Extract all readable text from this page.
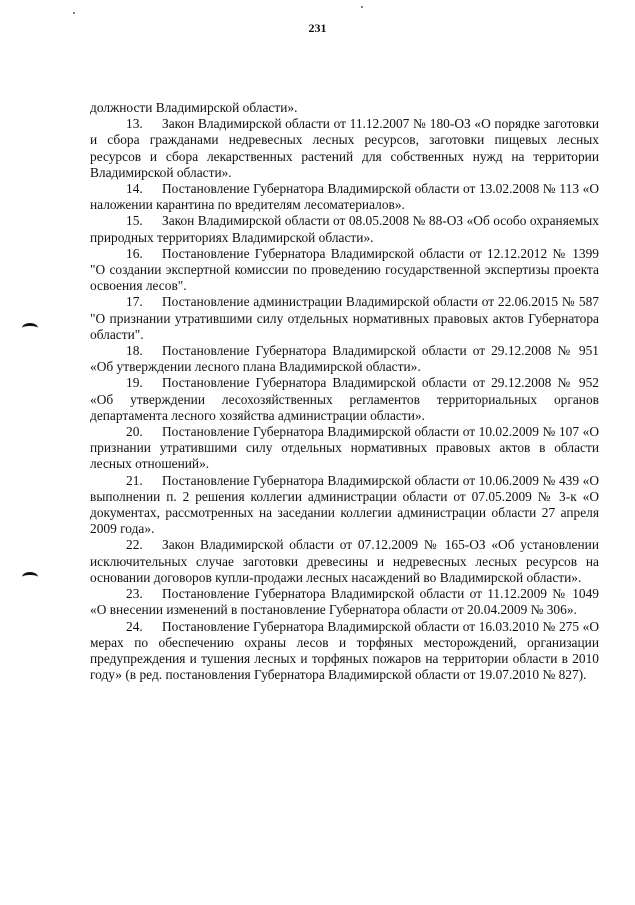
231

должности Владимирской области».

13. Закон Владимирской области от 11.12.2007 № 180-ОЗ «О порядке заготовки и сбора гражданами недревесных лесных ресурсов, заготовки пищевых лесных ресурсов и сбора лекарственных растений для собственных нужд на территории Владимирской области».

14. Постановление Губернатора Владимирской области от 13.02.2008 № 113 «О наложении карантина по вредителям лесоматериалов».

15. Закон Владимирской области от 08.05.2008 № 88-ОЗ «Об особо охраняемых природных территориях Владимирской области».

16. Постановление Губернатора Владимирской области от 12.12.2012 № 1399 "О создании экспертной комиссии по проведению государственной экспертизы проекта освоения лесов".

17. Постановление администрации Владимирской области от 22.06.2015 № 587 "О признании утратившими силу отдельных нормативных правовых актов Губернатора области".

18. Постановление Губернатора Владимирской области от 29.12.2008 № 951 «Об утверждении лесного плана Владимирской области».

19. Постановление Губернатора Владимирской области от 29.12.2008 № 952 «Об утверждении лесохозяйственных регламентов территориальных органов департамента лесного хозяйства администрации области».

20. Постановление Губернатора Владимирской области от 10.02.2009 № 107 «О признании утратившими силу отдельных нормативных правовых актов в области лесных отношений».

21. Постановление Губернатора Владимирской области от 10.06.2009 № 439 «О выполнении п. 2 решения коллегии администрации области от 07.05.2009 № 3-к «О документах, рассмотренных на заседании коллегии администрации области 27 апреля 2009 года».

22. Закон Владимирской области от 07.12.2009 № 165-ОЗ «Об установлении исключительных случае заготовки древесины и недревесных лесных ресурсов на основании договоров купли-продажи лесных насаждений во Владимирской области».

23. Постановление Губернатора Владимирской области от 11.12.2009 № 1049 «О внесении изменений в постановление Губернатора области от 20.04.2009 № 306».

24. Постановление Губернатора Владимирской области от 16.03.2010 № 275 «О мерах по обеспечению охраны лесов и торфяных месторождений, организации предупреждения и тушения лесных и торфяных пожаров на территории области в 2010 году» (в ред. постановления Губернатора Владимирской области от 19.07.2010 № 827).
